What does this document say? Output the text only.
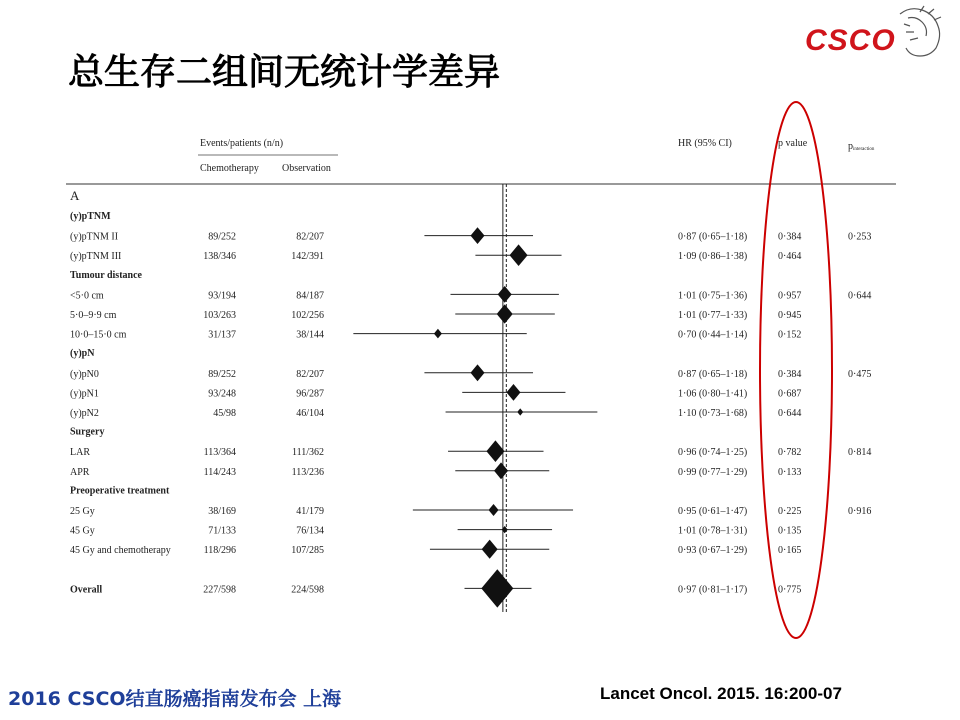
总生存二组间无统计学差异
CSCO
Events/patients (n/n)
Chemotherapy Observation
HR (95% CI)	p value	pinteraction
A
(y)pTNM
(y)pTNM II	89/252	82/207	0·87 (0·65–1·18)	0·384	0·253
(y)pTNM III	138/346	142/391	1·09 (0·86–1·38)	0·464
Tumour distance
<5·0 cm	93/194	84/187	1·01 (0·75–1·36)	0·957	0·644
5·0–9·9 cm	103/263	102/256	1·01 (0·77–1·33)	0·945
10·0–15·0 cm	31/137	38/144	0·70 (0·44–1·14)	0·152
(y)pN
(y)pN0	89/252	82/207	0·87 (0·65–1·18)	0·384	0·475
(y)pN1	93/248	96/287	1·06 (0·80–1·41)	0·687
(y)pN2	45/98	46/104	1·10 (0·73–1·68)	0·644
Surgery
LAR	113/364	111/362	0·96 (0·74–1·25)	0·782	0·814
APR	114/243	113/236	0·99 (0·77–1·29)	0·133
Preoperative treatment
25 Gy	38/169	41/179	0·95 (0·61–1·47)	0·225	0·916
45 Gy	71/133	76/134	1·01 (0·78–1·31)	0·135
45 Gy and chemotherapy	118/296	107/285	0·93 (0·67–1·29)	0·165
Overall	227/598	224/598	0·97 (0·81–1·17)	0·775
2016 CSCO结直肠癌指南发布会 上海	Lancet Oncol. 2015. 16:200-07
